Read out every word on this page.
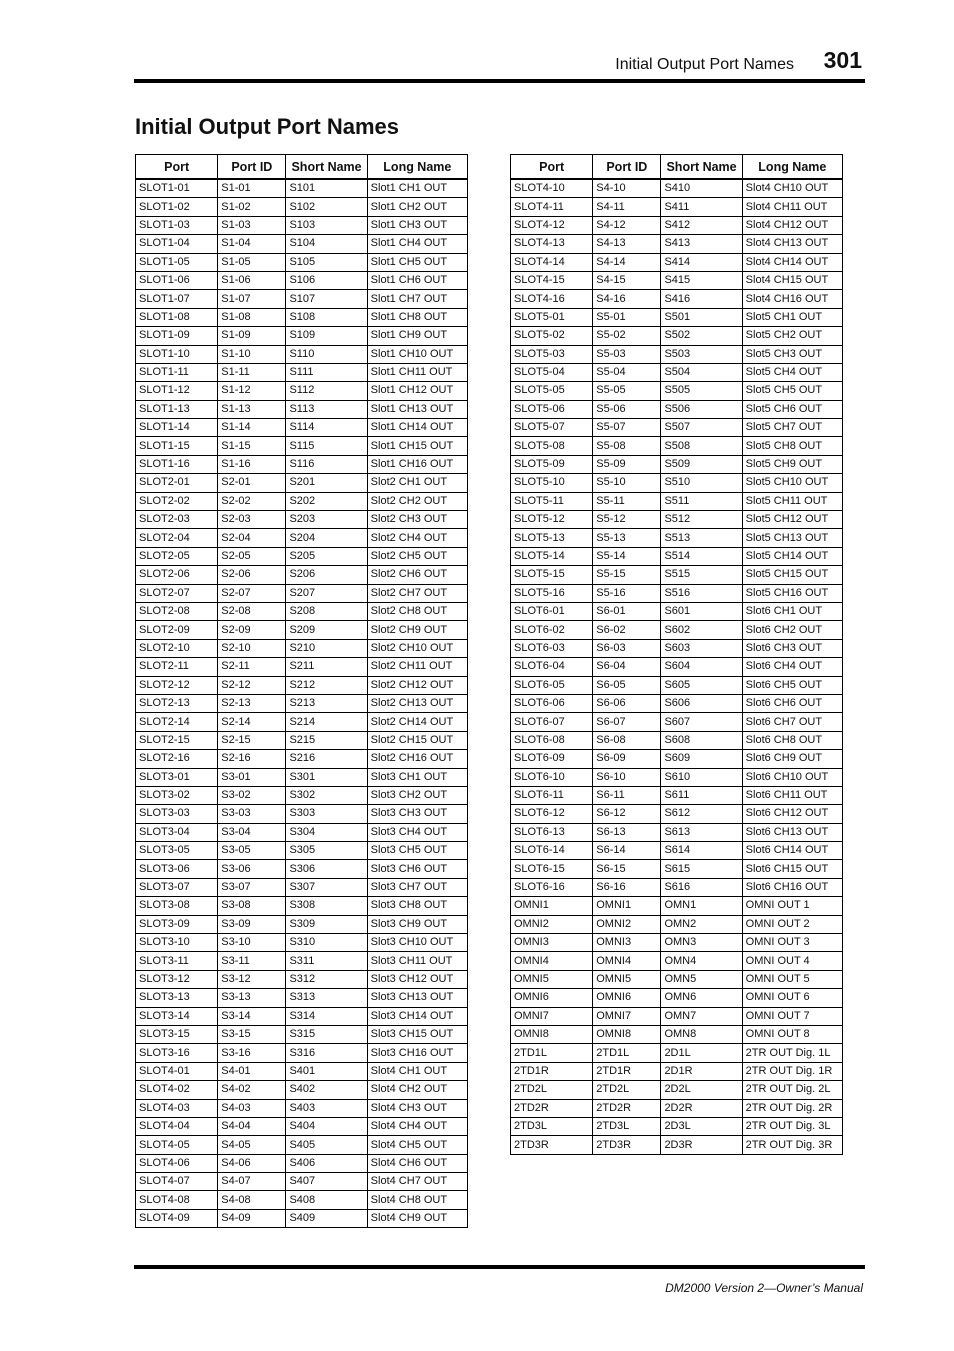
Initial Output Port Names 301
Initial Output Port Names
Port	Port ID	Short Name	Long Name
SLOT1-01	S1-01	S101	Slot1 CH1 OUT
SLOT1-02	S1-02	S102	Slot1 CH2 OUT
SLOT1-03	S1-03	S103	Slot1 CH3 OUT
SLOT1-04	S1-04	S104	Slot1 CH4 OUT
SLOT1-05	S1-05	S105	Slot1 CH5 OUT
SLOT1-06	S1-06	S106	Slot1 CH6 OUT
SLOT1-07	S1-07	S107	Slot1 CH7 OUT
SLOT1-08	S1-08	S108	Slot1 CH8 OUT
SLOT1-09	S1-09	S109	Slot1 CH9 OUT
SLOT1-10	S1-10	S110	Slot1 CH10 OUT
SLOT1-11	S1-11	S111	Slot1 CH11 OUT
SLOT1-12	S1-12	S112	Slot1 CH12 OUT
SLOT1-13	S1-13	S113	Slot1 CH13 OUT
SLOT1-14	S1-14	S114	Slot1 CH14 OUT
SLOT1-15	S1-15	S115	Slot1 CH15 OUT
SLOT1-16	S1-16	S116	Slot1 CH16 OUT
SLOT2-01	S2-01	S201	Slot2 CH1 OUT
SLOT2-02	S2-02	S202	Slot2 CH2 OUT
SLOT2-03	S2-03	S203	Slot2 CH3 OUT
SLOT2-04	S2-04	S204	Slot2 CH4 OUT
SLOT2-05	S2-05	S205	Slot2 CH5 OUT
SLOT2-06	S2-06	S206	Slot2 CH6 OUT
SLOT2-07	S2-07	S207	Slot2 CH7 OUT
SLOT2-08	S2-08	S208	Slot2 CH8 OUT
SLOT2-09	S2-09	S209	Slot2 CH9 OUT
SLOT2-10	S2-10	S210	Slot2 CH10 OUT
SLOT2-11	S2-11	S211	Slot2 CH11 OUT
SLOT2-12	S2-12	S212	Slot2 CH12 OUT
SLOT2-13	S2-13	S213	Slot2 CH13 OUT
SLOT2-14	S2-14	S214	Slot2 CH14 OUT
SLOT2-15	S2-15	S215	Slot2 CH15 OUT
SLOT2-16	S2-16	S216	Slot2 CH16 OUT
SLOT3-01	S3-01	S301	Slot3 CH1 OUT
SLOT3-02	S3-02	S302	Slot3 CH2 OUT
SLOT3-03	S3-03	S303	Slot3 CH3 OUT
SLOT3-04	S3-04	S304	Slot3 CH4 OUT
SLOT3-05	S3-05	S305	Slot3 CH5 OUT
SLOT3-06	S3-06	S306	Slot3 CH6 OUT
SLOT3-07	S3-07	S307	Slot3 CH7 OUT
SLOT3-08	S3-08	S308	Slot3 CH8 OUT
SLOT3-09	S3-09	S309	Slot3 CH9 OUT
SLOT3-10	S3-10	S310	Slot3 CH10 OUT
SLOT3-11	S3-11	S311	Slot3 CH11 OUT
SLOT3-12	S3-12	S312	Slot3 CH12 OUT
SLOT3-13	S3-13	S313	Slot3 CH13 OUT
SLOT3-14	S3-14	S314	Slot3 CH14 OUT
SLOT3-15	S3-15	S315	Slot3 CH15 OUT
SLOT3-16	S3-16	S316	Slot3 CH16 OUT
SLOT4-01	S4-01	S401	Slot4 CH1 OUT
SLOT4-02	S4-02	S402	Slot4 CH2 OUT
SLOT4-03	S4-03	S403	Slot4 CH3 OUT
SLOT4-04	S4-04	S404	Slot4 CH4 OUT
SLOT4-05	S4-05	S405	Slot4 CH5 OUT
SLOT4-06	S4-06	S406	Slot4 CH6 OUT
SLOT4-07	S4-07	S407	Slot4 CH7 OUT
SLOT4-08	S4-08	S408	Slot4 CH8 OUT
SLOT4-09	S4-09	S409	Slot4 CH9 OUT
Port	Port ID	Short Name	Long Name
SLOT4-10	S4-10	S410	Slot4 CH10 OUT
SLOT4-11	S4-11	S411	Slot4 CH11 OUT
SLOT4-12	S4-12	S412	Slot4 CH12 OUT
SLOT4-13	S4-13	S413	Slot4 CH13 OUT
SLOT4-14	S4-14	S414	Slot4 CH14 OUT
SLOT4-15	S4-15	S415	Slot4 CH15 OUT
SLOT4-16	S4-16	S416	Slot4 CH16 OUT
SLOT5-01	S5-01	S501	Slot5 CH1 OUT
SLOT5-02	S5-02	S502	Slot5 CH2 OUT
SLOT5-03	S5-03	S503	Slot5 CH3 OUT
SLOT5-04	S5-04	S504	Slot5 CH4 OUT
SLOT5-05	S5-05	S505	Slot5 CH5 OUT
SLOT5-06	S5-06	S506	Slot5 CH6 OUT
SLOT5-07	S5-07	S507	Slot5 CH7 OUT
SLOT5-08	S5-08	S508	Slot5 CH8 OUT
SLOT5-09	S5-09	S509	Slot5 CH9 OUT
SLOT5-10	S5-10	S510	Slot5 CH10 OUT
SLOT5-11	S5-11	S511	Slot5 CH11 OUT
SLOT5-12	S5-12	S512	Slot5 CH12 OUT
SLOT5-13	S5-13	S513	Slot5 CH13 OUT
SLOT5-14	S5-14	S514	Slot5 CH14 OUT
SLOT5-15	S5-15	S515	Slot5 CH15 OUT
SLOT5-16	S5-16	S516	Slot5 CH16 OUT
SLOT6-01	S6-01	S601	Slot6 CH1 OUT
SLOT6-02	S6-02	S602	Slot6 CH2 OUT
SLOT6-03	S6-03	S603	Slot6 CH3 OUT
SLOT6-04	S6-04	S604	Slot6 CH4 OUT
SLOT6-05	S6-05	S605	Slot6 CH5 OUT
SLOT6-06	S6-06	S606	Slot6 CH6 OUT
SLOT6-07	S6-07	S607	Slot6 CH7 OUT
SLOT6-08	S6-08	S608	Slot6 CH8 OUT
SLOT6-09	S6-09	S609	Slot6 CH9 OUT
SLOT6-10	S6-10	S610	Slot6 CH10 OUT
SLOT6-11	S6-11	S611	Slot6 CH11 OUT
SLOT6-12	S6-12	S612	Slot6 CH12 OUT
SLOT6-13	S6-13	S613	Slot6 CH13 OUT
SLOT6-14	S6-14	S614	Slot6 CH14 OUT
SLOT6-15	S6-15	S615	Slot6 CH15 OUT
SLOT6-16	S6-16	S616	Slot6 CH16 OUT
OMNI1	OMNI1	OMN1	OMNI OUT 1
OMNI2	OMNI2	OMN2	OMNI OUT 2
OMNI3	OMNI3	OMN3	OMNI OUT 3
OMNI4	OMNI4	OMN4	OMNI OUT 4
OMNI5	OMNI5	OMN5	OMNI OUT 5
OMNI6	OMNI6	OMN6	OMNI OUT 6
OMNI7	OMNI7	OMN7	OMNI OUT 7
OMNI8	OMNI8	OMN8	OMNI OUT 8
2TD1L	2TD1L	2D1L	2TR OUT Dig. 1L
2TD1R	2TD1R	2D1R	2TR OUT Dig. 1R
2TD2L	2TD2L	2D2L	2TR OUT Dig. 2L
2TD2R	2TD2R	2D2R	2TR OUT Dig. 2R
2TD3L	2TD3L	2D3L	2TR OUT Dig. 3L
2TD3R	2TD3R	2D3R	2TR OUT Dig. 3R
DM2000 Version 2—Owner’s Manual
